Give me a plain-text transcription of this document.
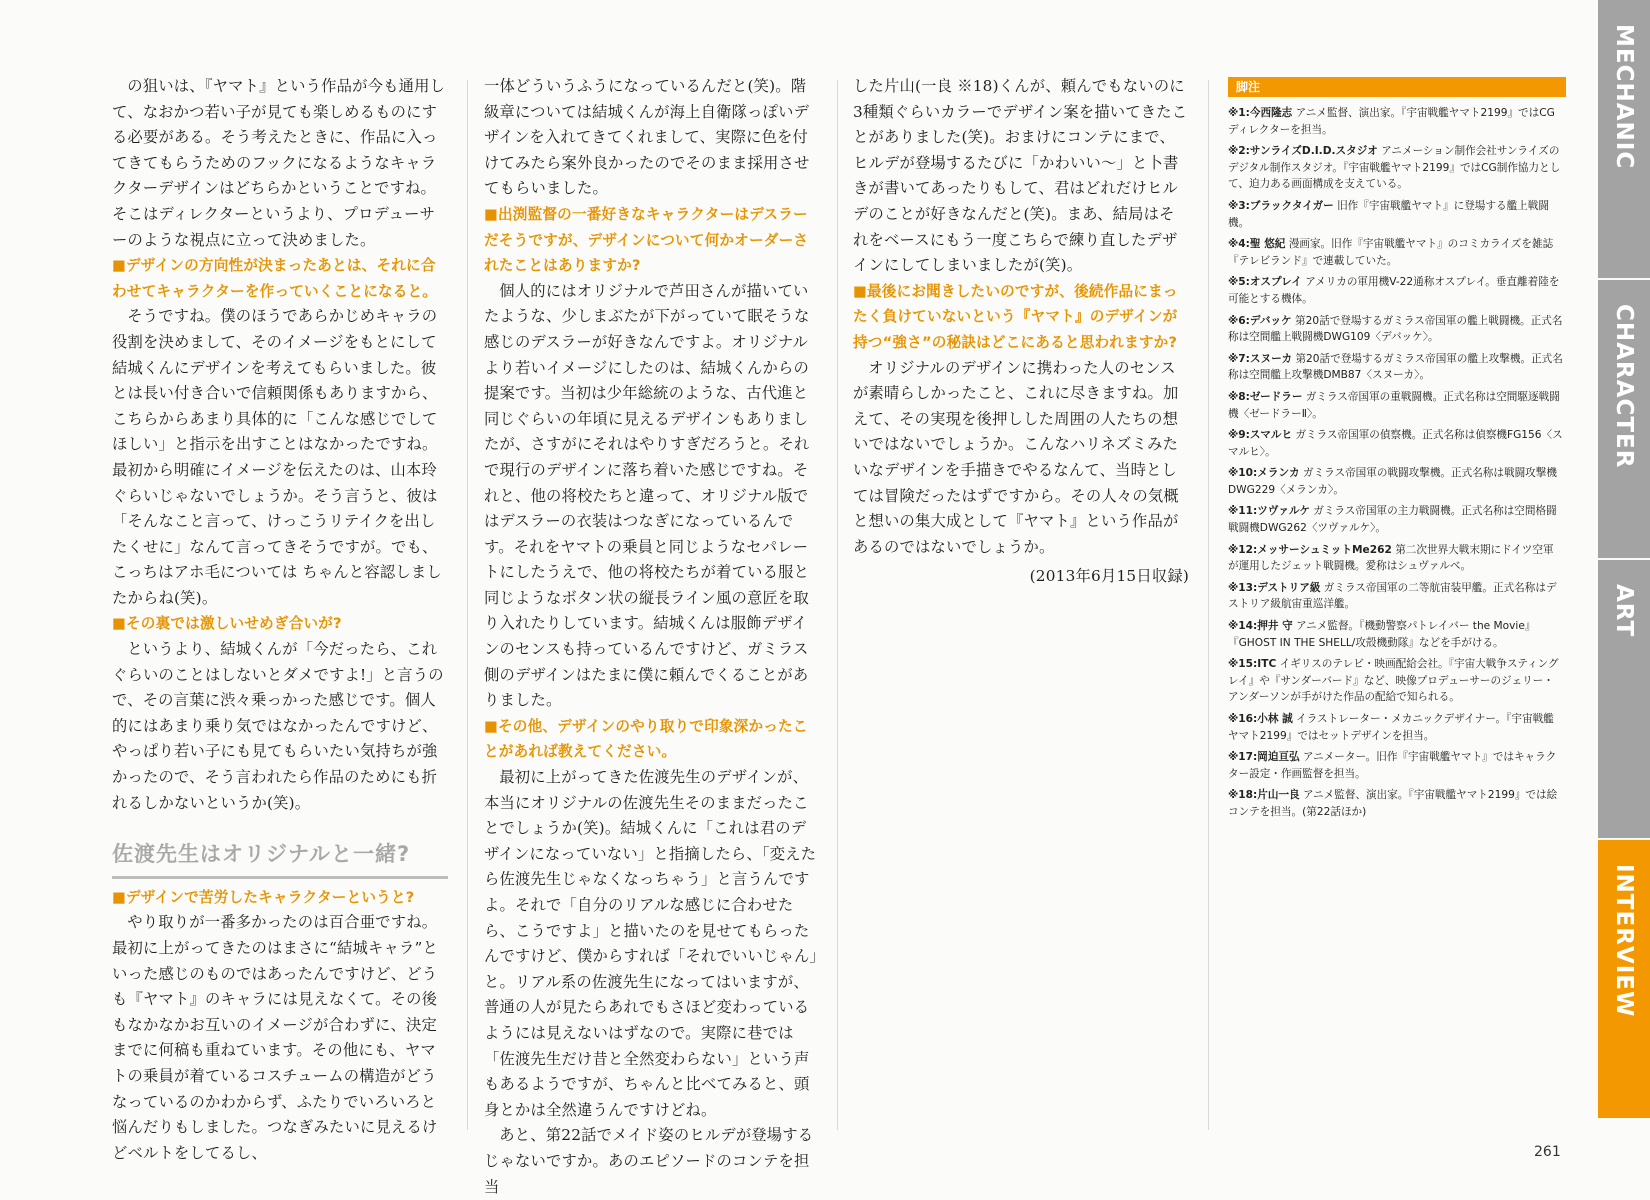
の狙いは、『ヤマト』という作品が今も通用して、なおかつ若い子が見ても楽しめるものにする必要がある。そう考えたときに、作品に入ってきてもらうためのフックになるようなキャラクターデザインはどちらかということですね。そこはディレクターというより、プロデューサーのような視点に立って決めました。

■デザインの方向性が決まったあとは、それに合わせてキャラクターを作っていくことになると。

そうですね。僕のほうであらかじめキャラの役割を決めまして、そのイメージをもとにして結城くんにデザインを考えてもらいました。彼とは長い付き合いで信頼関係もありますから、こちらからあまり具体的に「こんな感じでしてほしい」と指示を出すことはなかったですね。最初から明確にイメージを伝えたのは、山本玲ぐらいじゃないでしょうか。そう言うと、彼は「そんなこと言って、けっこうリテイクを出したくせに」なんて言ってきそうですが。でも、こっちはアホ毛については ちゃんと容認しましたからね(笑)。

■その裏では激しいせめぎ合いが?

というより、結城くんが「今だったら、これぐらいのことはしないとダメですよ!」と言うので、その言葉に渋々乗っかった感じです。個人的にはあまり乗り気ではなかったんですけど、やっぱり若い子にも見てもらいたい気持ちが強かったので、そう言われたら作品のためにも折れるしかないというか(笑)。

佐渡先生はオリジナルと一緒?
■デザインで苦労したキャラクターというと?

やり取りが一番多かったのは百合亜ですね。最初に上がってきたのはまさに“結城キャラ”といった感じのものではあったんですけど、どうも『ヤマト』のキャラには見えなくて。その後もなかなかお互いのイメージが合わずに、決定までに何稿も重ねています。その他にも、ヤマトの乗員が着ているコスチュームの構造がどうなっているのかわからず、ふたりでいろいろと悩んだりもしました。つなぎみたいに見えるけどベルトをしてるし、

一体どういうふうになっているんだと(笑)。階級章については結城くんが海上自衛隊っぽいデザインを入れてきてくれまして、実際に色を付けてみたら案外良かったのでそのまま採用させてもらいました。

■出渕監督の一番好きなキャラクターはデスラーだそうですが、デザインについて何かオーダーされたことはありますか?

個人的にはオリジナルで芦田さんが描いていたような、少しまぶたが下がっていて眠そうな感じのデスラーが好きなんですよ。オリジナルより若いイメージにしたのは、結城くんからの提案です。当初は少年総統のような、古代進と同じぐらいの年頃に見えるデザインもありましたが、さすがにそれはやりすぎだろうと。それで現行のデザインに落ち着いた感じですね。それと、他の将校たちと違って、オリジナル版ではデスラーの衣装はつなぎになっているんです。それをヤマトの乗員と同じようなセパレートにしたうえで、他の将校たちが着ている服と同じようなボタン状の縦長ライン風の意匠を取り入れたりしています。結城くんは服飾デザインのセンスも持っているんですけど、ガミラス側のデザインはたまに僕に頼んでくることがありました。

■その他、デザインのやり取りで印象深かったことがあれば教えてください。

最初に上がってきた佐渡先生のデザインが、本当にオリジナルの佐渡先生そのままだったことでしょうか(笑)。結城くんに「これは君のデザインになっていない」と指摘したら、「変えたら佐渡先生じゃなくなっちゃう」と言うんですよ。それで「自分のリアルな感じに合わせたら、こうですよ」と描いたのを見せてもらったんですけど、僕からすれば「それでいいじゃん」と。リアル系の佐渡先生になってはいますが、普通の人が見たらあれでもさほど変わっているようには見えないはずなので。実際に巷では「佐渡先生だけ昔と全然変わらない」という声もあるようですが、ちゃんと比べてみると、頭身とかは全然違うんですけどね。

あと、第22話でメイド姿のヒルデが登場するじゃないですか。あのエピソードのコンテを担当

した片山(一良 ※18)くんが、頼んでもないのに3種類ぐらいカラーでデザイン案を描いてきたことがありました(笑)。おまけにコンテにまで、ヒルデが登場するたびに「かわいい〜」と卜書きが書いてあったりもして、君はどれだけヒルデのことが好きなんだと(笑)。まあ、結局はそれをベースにもう一度こちらで練り直したデザインにしてしまいましたが(笑)。

■最後にお聞きしたいのですが、後続作品にまったく負けていないという『ヤマト』のデザインが持つ“強さ”の秘訣はどこにあると思われますか?

オリジナルのデザインに携わった人のセンスが素晴らしかったこと、これに尽きますね。加えて、その実現を後押しした周囲の人たちの想いではないでしょうか。こんなハリネズミみたいなデザインを手描きでやるなんて、当時としては冒険だったはずですから。その人々の気概と想いの集大成として『ヤマト』という作品があるのではないでしょうか。

(2013年6月15日収録)
脚注
※1:今西隆志 アニメ監督、演出家。『宇宙戦艦ヤマト2199』ではCGディレクターを担当。
※2:サンライズD.I.D.スタジオ アニメーション制作会社サンライズのデジタル制作スタジオ。『宇宙戦艦ヤマト2199』ではCG制作協力として、迫力ある画面構成を支えている。
※3:ブラックタイガー 旧作『宇宙戦艦ヤマト』に登場する艦上戦闘機。
※4:聖 悠紀 漫画家。旧作『宇宙戦艦ヤマト』のコミカライズを雑誌『テレビランド』で連載していた。
※5:オスプレイ アメリカの軍用機V-22通称オスプレイ。垂直離着陸を可能とする機体。
※6:デバッケ 第20話で登場するガミラス帝国軍の艦上戦闘機。正式名称は空間艦上戦闘機DWG109〈デバッケ〉。
※7:スヌーカ 第20話で登場するガミラス帝国軍の艦上攻撃機。正式名称は空間艦上攻撃機DMB87〈スヌーカ〉。
※8:ゼードラー ガミラス帝国軍の重戦闘機。正式名称は空間駆逐戦闘機〈ゼードラーⅡ〉。
※9:スマルヒ ガミラス帝国軍の偵察機。正式名称は偵察機FG156〈スマルヒ〉。
※10:メランカ ガミラス帝国軍の戦闘攻撃機。正式名称は戦闘攻撃機DWG229〈メランカ〉。
※11:ツヴァルケ ガミラス帝国軍の主力戦闘機。正式名称は空間格闘戦闘機DWG262〈ツヴァルケ〉。
※12:メッサーシュミットMe262 第二次世界大戦末期にドイツ空軍が運用したジェット戦闘機。愛称はシュヴァルベ。
※13:デストリア級 ガミラス帝国軍の二等航宙装甲艦。正式名称はデストリア級航宙重巡洋艦。
※14:押井 守 アニメ監督。『機動警察パトレイバー the Movie』『GHOST IN THE SHELL/攻殻機動隊』などを手がける。
※15:ITC イギリスのテレビ・映画配給会社。『宇宙大戦争スティングレイ』や『サンダーバード』など、映像プロデューサーのジェリー・アンダーソンが手がけた作品の配給で知られる。
※16:小林 誠 イラストレーター・メカニックデザイナー。『宇宙戦艦ヤマト2199』ではセットデザインを担当。
※17:岡迫亘弘 アニメーター。旧作『宇宙戦艦ヤマト』ではキャラクター設定・作画監督を担当。
※18:片山一良 アニメ監督、演出家。『宇宙戦艦ヤマト2199』では絵コンテを担当。(第22話ほか)
MECHANIC
CHARACTER
ART
INTERVIEW
261
